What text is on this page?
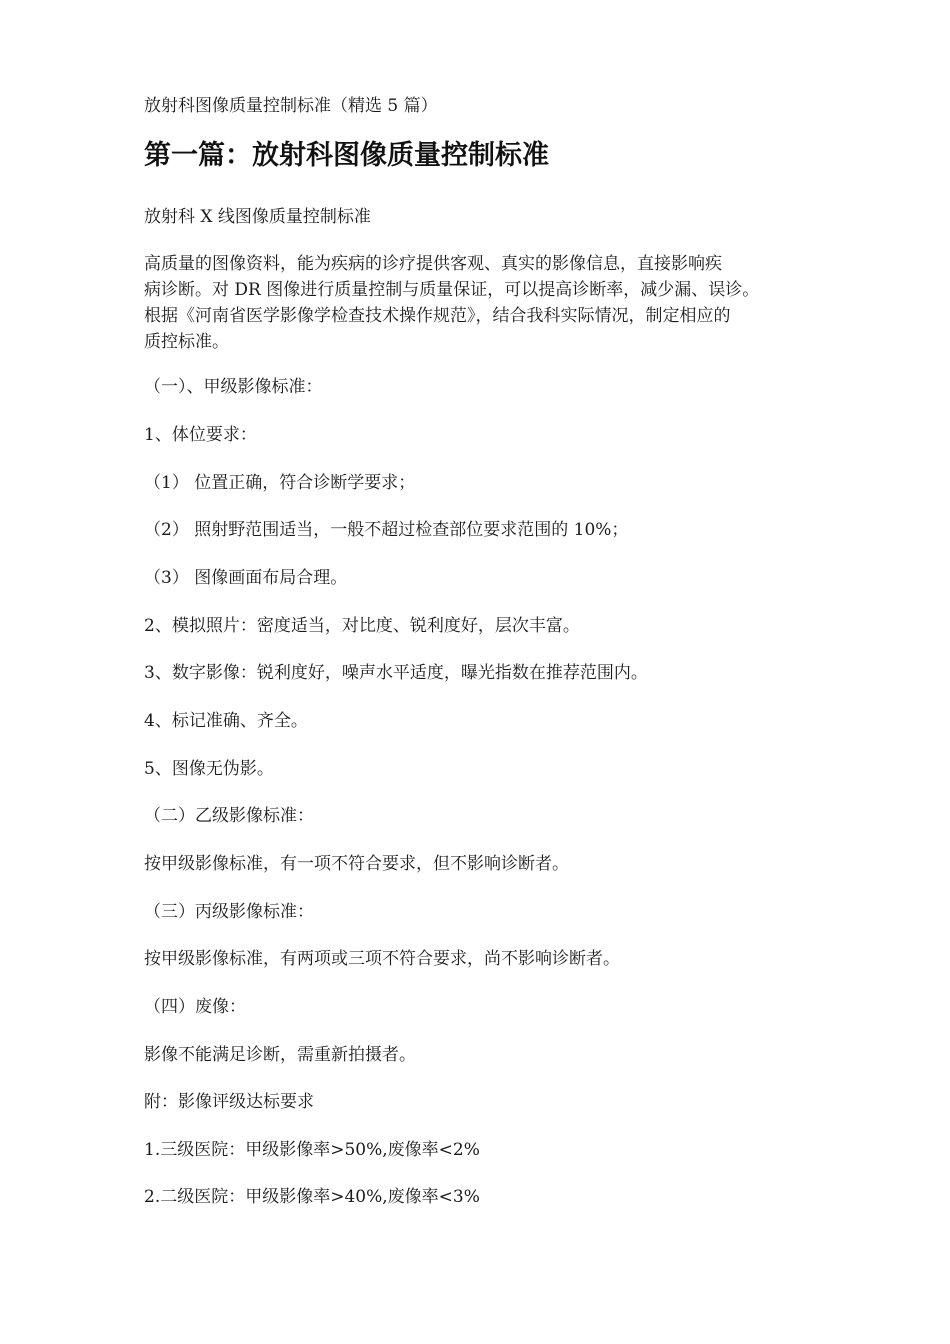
放射科图像质量控制标准（精选 5 篇）
第一篇：放射科图像质量控制标准
放射科 X 线图像质量控制标准
高质量的图像资料，能为疾病的诊疗提供客观、真实的影像信息，直接影响疾
病诊断。对 DR 图像进行质量控制与质量保证，可以提高诊断率，减少漏、误诊。
根据《河南省医学影像学检查技术操作规范》，结合我科实际情况，制定相应的
质控标准。
（一）、甲级影像标准：
1、体位要求：
（1） 位置正确，符合诊断学要求；
（2） 照射野范围适当，一般不超过检查部位要求范围的 10%；
（3） 图像画面布局合理。
2、模拟照片：密度适当，对比度、锐利度好，层次丰富。
3、数字影像：锐利度好，噪声水平适度，曝光指数在推荐范围内。
4、标记准确、齐全。
5、图像无伪影。
（二）乙级影像标准：
按甲级影像标准，有一项不符合要求，但不影响诊断者。
（三）丙级影像标准：
按甲级影像标准，有两项或三项不符合要求，尚不影响诊断者。
（四）废像：
影像不能满足诊断，需重新拍摄者。
附：影像评级达标要求
1.三级医院：甲级影像率>50%,废像率<2%
2.二级医院：甲级影像率>40%,废像率<3%
